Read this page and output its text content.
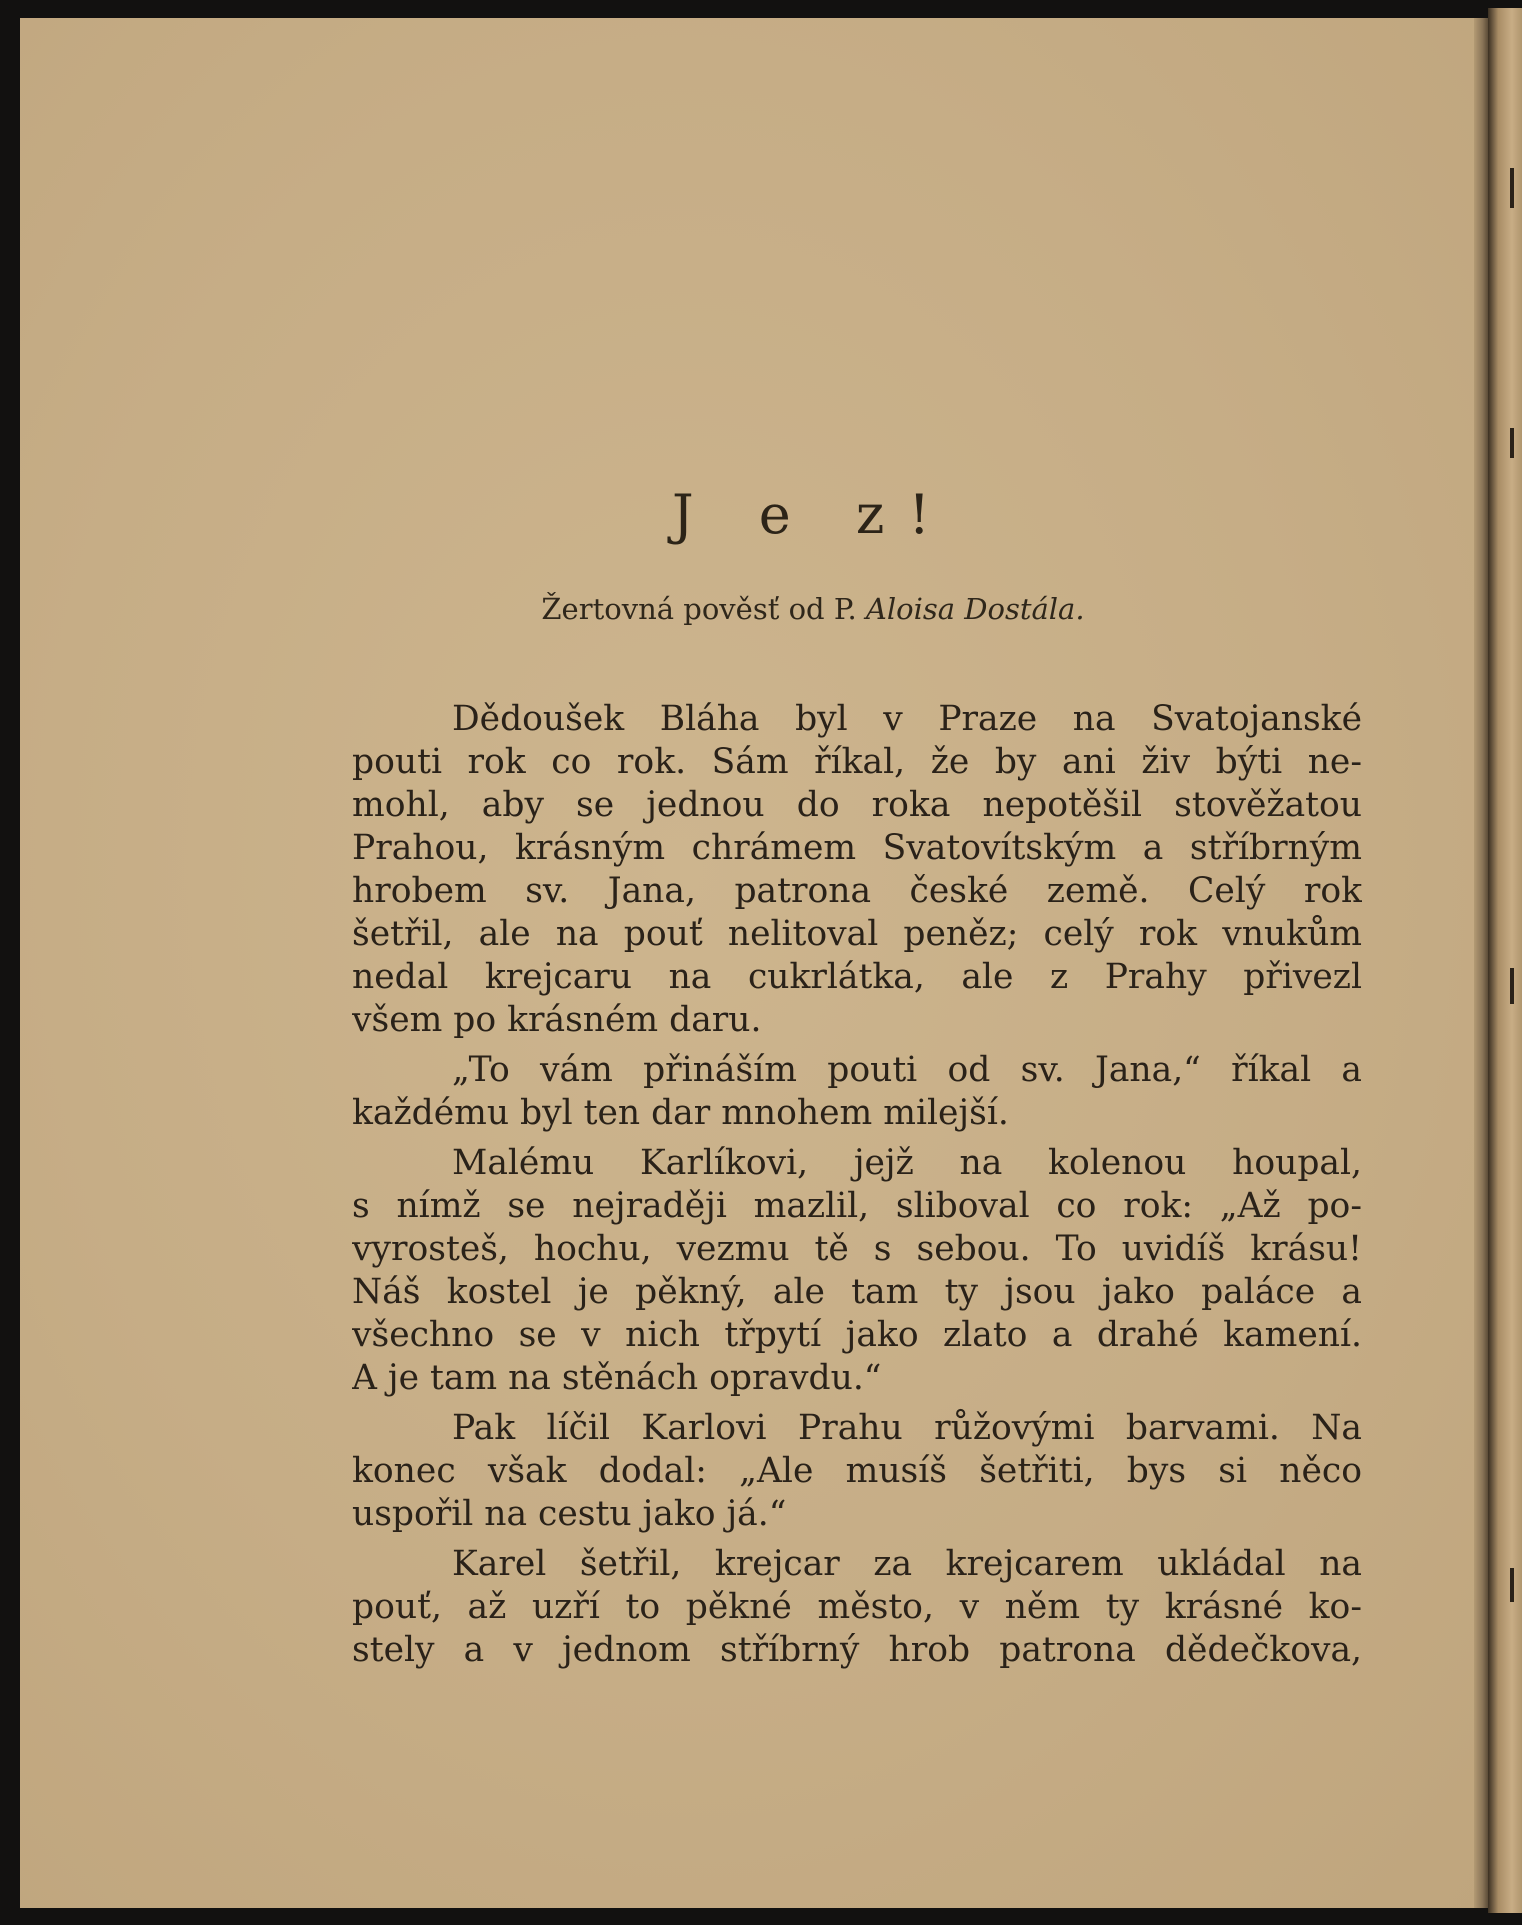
J e z!
Žertovná pověsť od P. Aloisa Dostála.
Dědoušek Bláha byl v Praze na Svatojanské
pouti rok co rok. Sám říkal, že by ani živ býti ne-
mohl, aby se jednou do roka nepotěšil stověžatou
Prahou, krásným chrámem Svatovítským a stříbrným
hrobem sv. Jana, patrona české země. Celý rok
šetřil, ale na pouť nelitoval peněz; celý rok vnukům
nedal krejcaru na cukrlátka, ale z Prahy přivezl
všem po krásném daru.
„To vám přináším pouti od sv. Jana,“ říkal a
každému byl ten dar mnohem milejší.
Malému Karlíkovi, jejž na kolenou houpal,
s nímž se nejraději mazlil, sliboval co rok: „Až po-
vyrosteš, hochu, vezmu tě s sebou. To uvidíš krásu!
Náš kostel je pěkný, ale tam ty jsou jako paláce a
všechno se v nich třpytí jako zlato a drahé kamení.
A je tam na stěnách opravdu.“
Pak líčil Karlovi Prahu růžovými barvami. Na
konec však dodal: „Ale musíš šetřiti, bys si něco
uspořil na cestu jako já.“
Karel šetřil, krejcar za krejcarem ukládal na
pouť, až uzří to pěkné město, v něm ty krásné ko-
stely a v jednom stříbrný hrob patrona dědečkova,
